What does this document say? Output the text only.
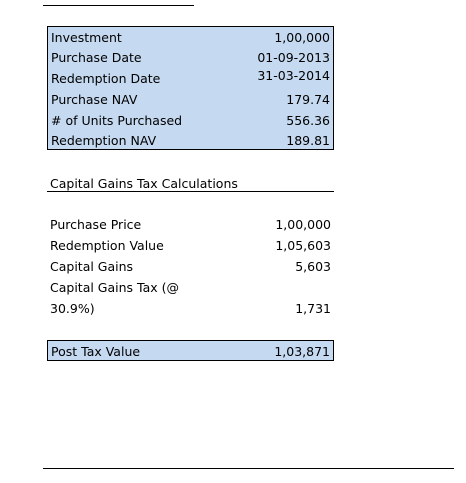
Investment	1,00,000
Purchase Date	01-09-2013
Redemption Date	31-03-2014
Purchase NAV	179.74
# of Units Purchased	556.36
Redemption NAV	189.81
Capital Gains Tax Calculations
Purchase Price	1,00,000
Redemption Value	1,05,603
Capital Gains	5,603
Capital Gains Tax (@
30.9%)	1,731
Post Tax Value	1,03,871
